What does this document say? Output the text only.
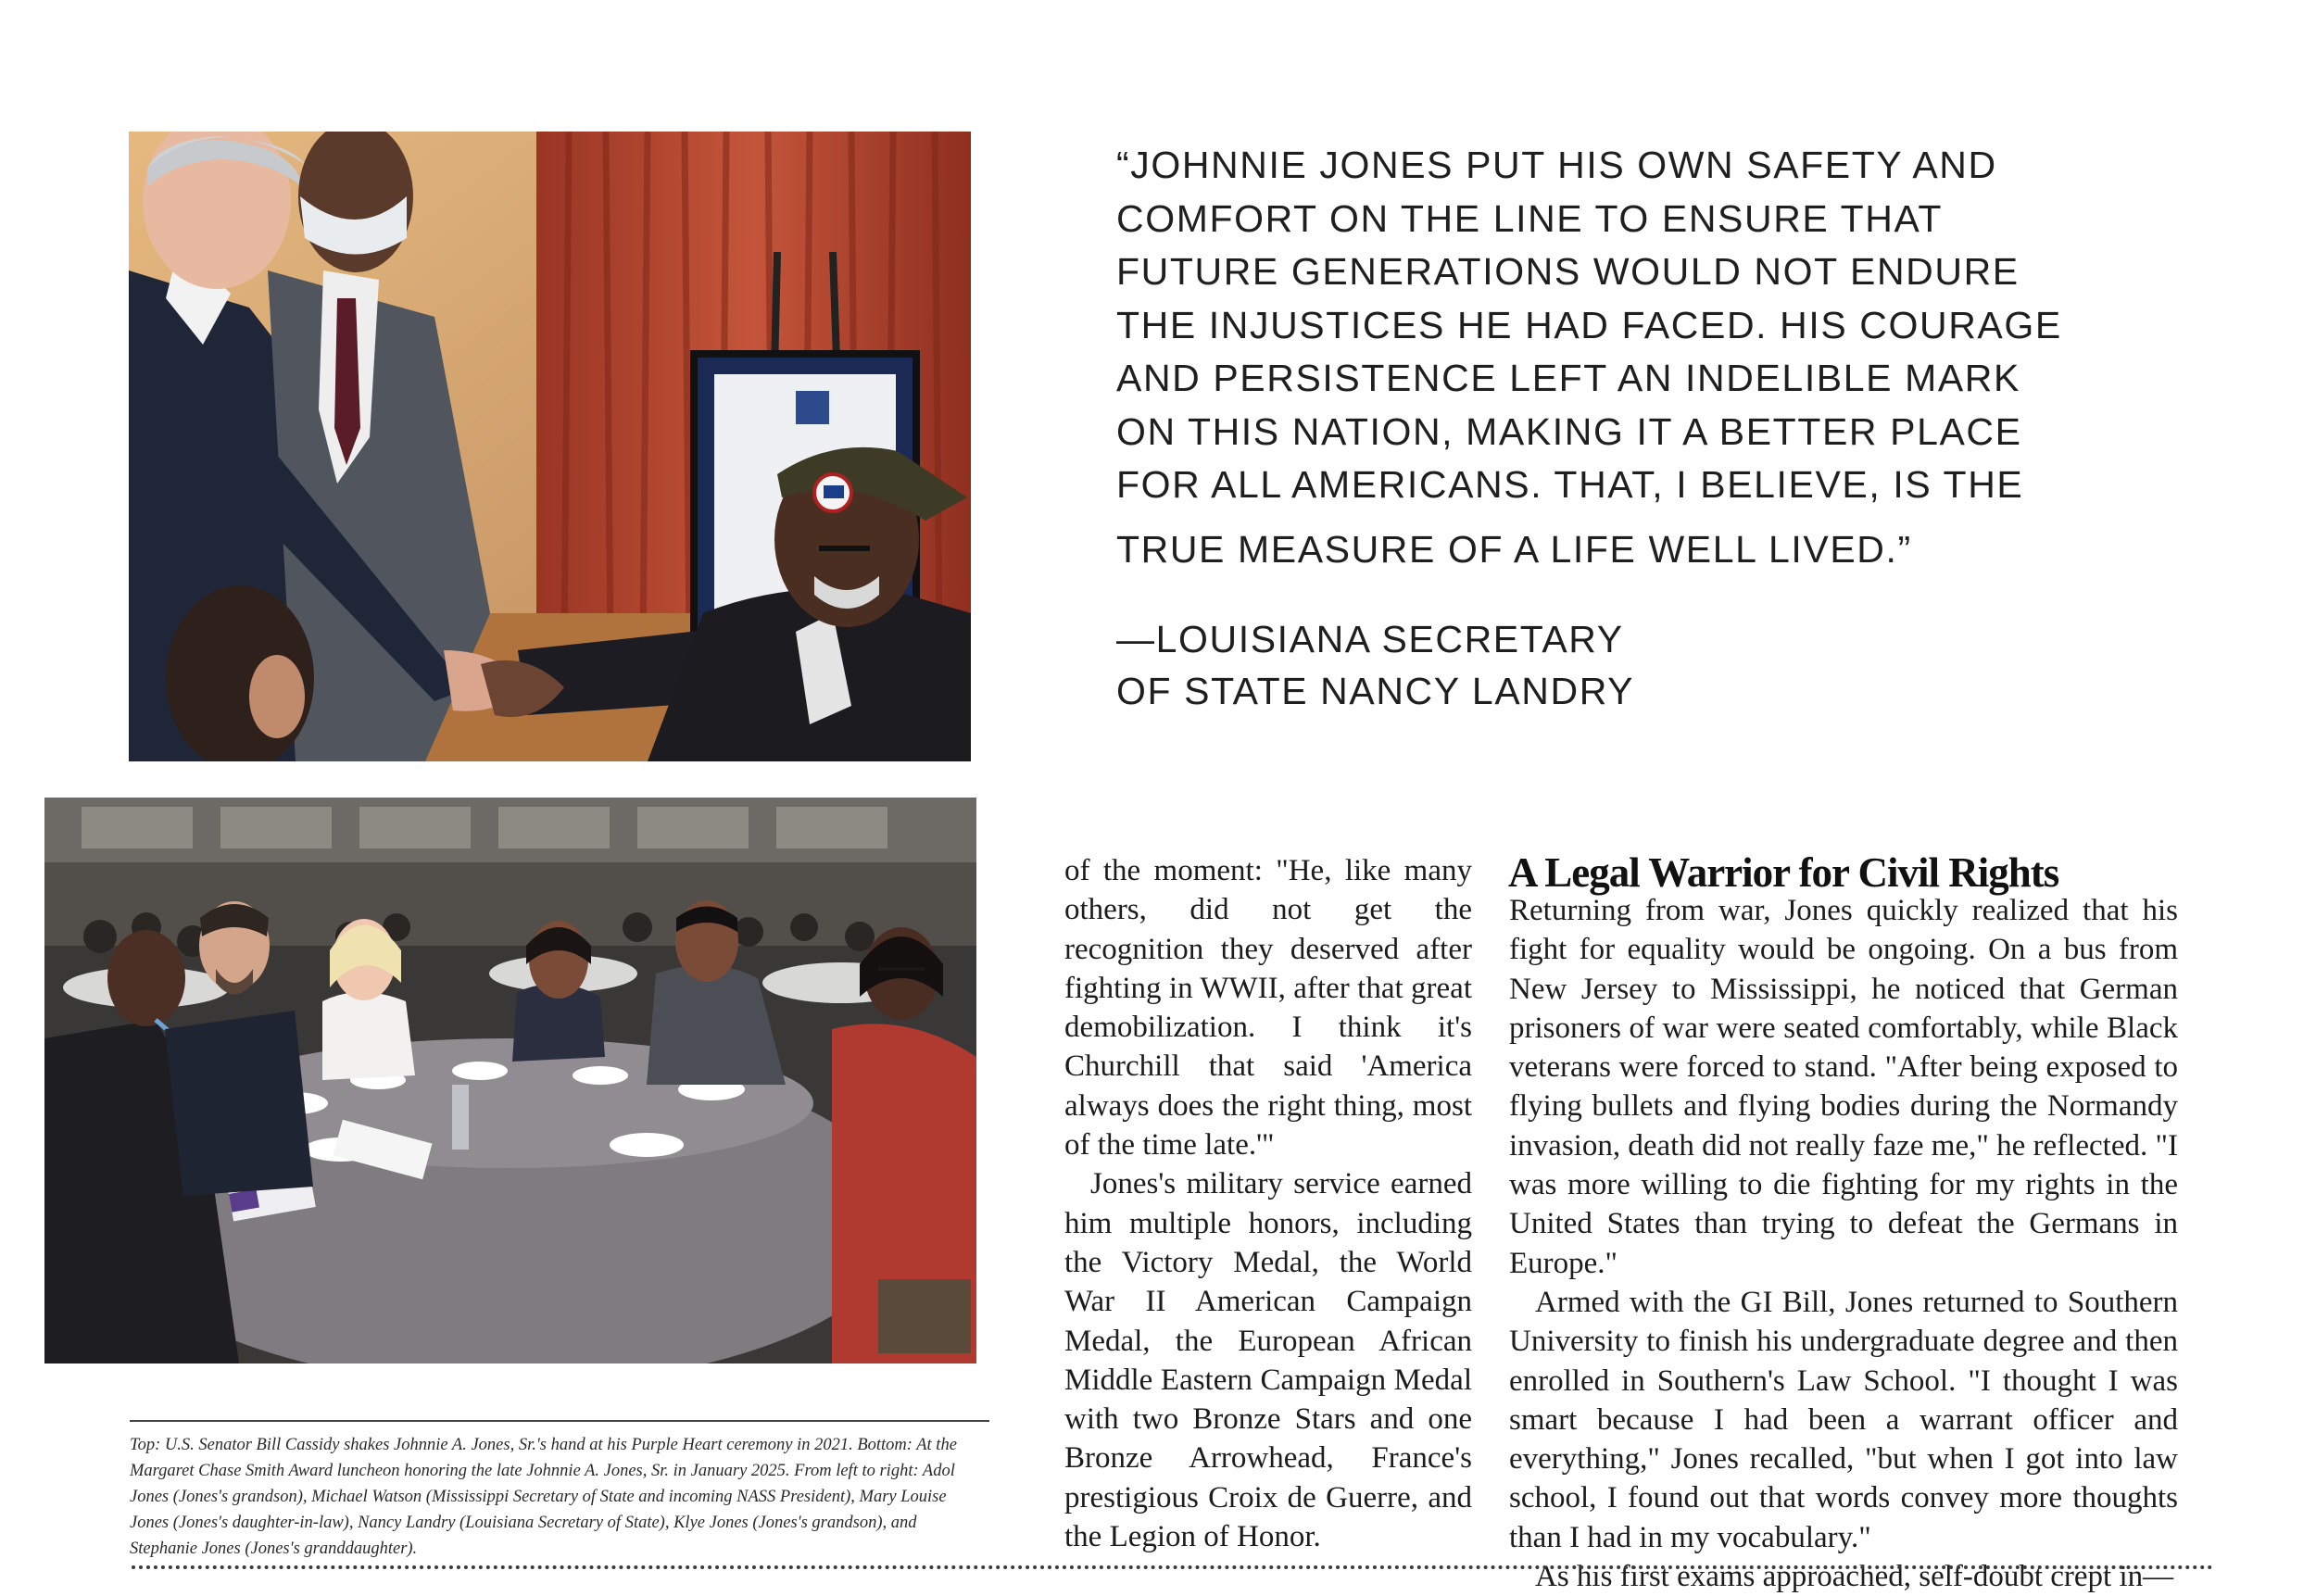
Top: U.S. Senator Bill Cassidy shakes Johnnie A. Jones, Sr.'s hand at his Purple Heart ceremony in 2021. Bottom: At the Margaret Chase Smith Award luncheon honoring the late Johnnie A. Jones, Sr. in January 2025. From left to right: Adol Jones (Jones's grandson), Michael Watson (Mississippi Secretary of State and incoming NASS President), Mary Louise Jones (Jones's daughter-in-law), Nancy Landry (Louisiana Secretary of State), Klye Jones (Jones's grandson), and Stephanie Jones (Jones's granddaughter).

“JOHNNIE JONES PUT HIS OWN SAFETY AND
COMFORT ON THE LINE TO ENSURE THAT
FUTURE GENERATIONS WOULD NOT ENDURE
THE INJUSTICES HE HAD FACED. HIS COURAGE
AND PERSISTENCE LEFT AN INDELIBLE MARK
ON THIS NATION, MAKING IT A BETTER PLACE
FOR ALL AMERICANS. THAT, I BELIEVE, IS THE
TRUE MEASURE OF A LIFE WELL LIVED.”
—LOUISIANA SECRETARY
OF STATE NANCY LANDRY

of the moment: "He, like many others, did not get the recognition they deserved after fighting in WWII, after that great demobilization. I think it's Churchill that said 'America always does the right thing, most of the time late.'"

Jones's military service earned him multiple honors, including the Victory Medal, the World War II American Campaign Medal, the European African Middle Eastern Campaign Medal with two Bronze Stars and one Bronze Arrowhead, France's prestigious Croix de Guerre, and the Legion of Honor.

A Legal Warrior for Civil Rights

Returning from war, Jones quickly realized that his fight for equality would be ongoing. On a bus from New Jersey to Mississippi, he noticed that German prisoners of war were seated comfortably, while Black veterans were forced to stand. "After being exposed to flying bullets and flying bodies during the Normandy invasion, death did not really faze me," he reflected. "I was more willing to die fighting for my rights in the United States than trying to defeat the Germans in Europe."

Armed with the GI Bill, Jones returned to Southern University to finish his undergraduate degree and then enrolled in Southern's Law School. "I thought I was smart because I had been a warrant officer and everything," Jones recalled, "but when I got into law school, I found out that words convey more thoughts than I had in my vocabulary."

As his first exams approached, self-doubt crept in—
